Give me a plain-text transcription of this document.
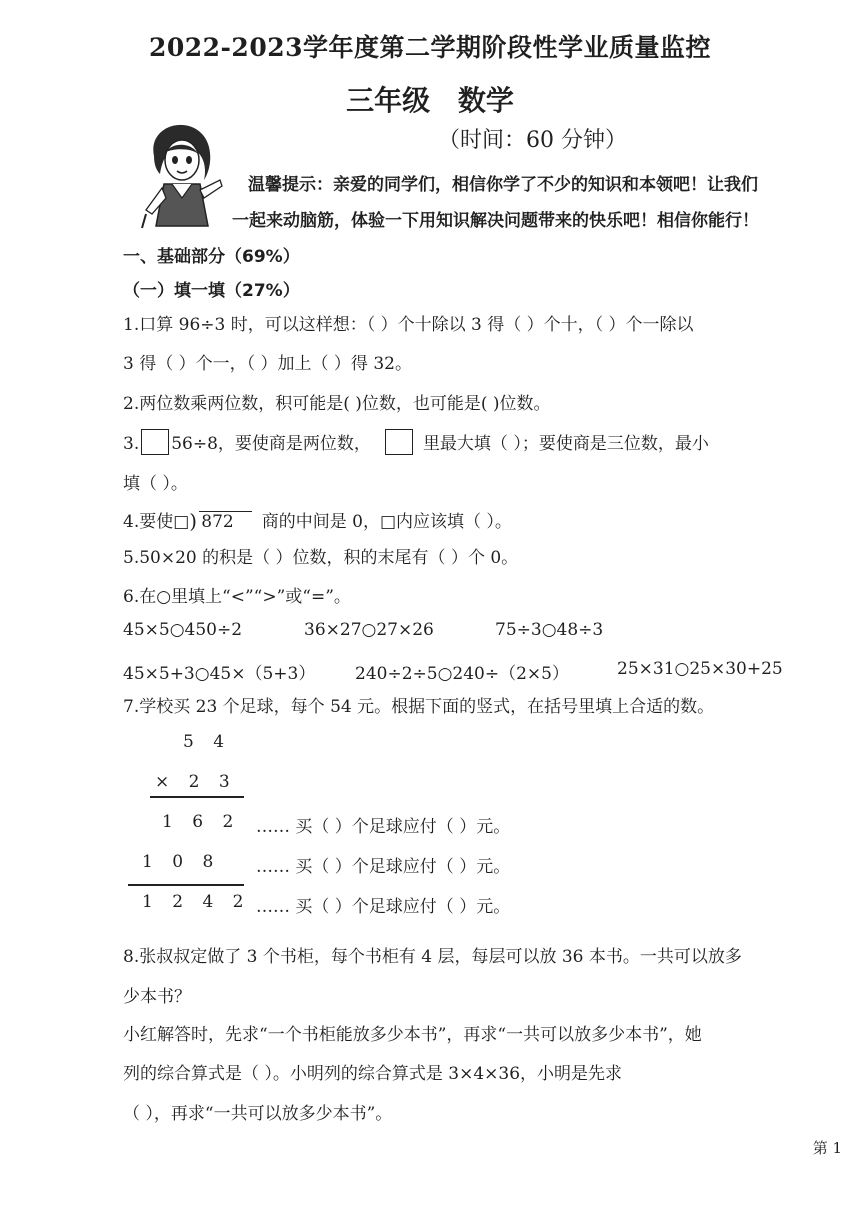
2022-2023学年度第二学期阶段性学业质量监控
三年级 数学
（时间：60 分钟）
温馨提示：亲爱的同学们，相信你学了不少的知识和本领吧！让我们
一起来动脑筋，体验一下用知识解决问题带来的快乐吧！相信你能行！
一、基础部分（69%）
（一）填一填（27%）
1.口算 96÷3 时，可以这样想：（ ）个十除以 3 得（ ）个十，（ ）个一除以
3 得（ ）个一，（ ）加上（ ）得 32。
2.两位数乘两位数，积可能是( )位数，也可能是( )位数。
3. 56÷8，要使商是两位数，	里最大填（ ）；要使商是三位数，最小
填（ ）。
4.要使□ ) 872 商的中间是 0，□内应该填（ ）。
5.50×20 的积是（ ）位数，积的末尾有（ ）个 0。
6.在○里填上“<”“>”或“=”。
45×5○450÷2	36×27○27×26	75÷3○48÷3
45×5+3○45×（5+3） 240÷2÷5○240÷（2×5）	25×31○25×30+25
7.学校买 23 个足球，每个 54 元。根据下面的竖式，在括号里填上合适的数。
5 4
× 2 3
1 6 2 …… 买（ ）个足球应付（ ）元。
1 0 8 …… 买（ ）个足球应付（ ）元。
1 2 4 2 …… 买（ ）个足球应付（ ）元。
8.张叔叔定做了 3 个书柜，每个书柜有 4 层，每层可以放 36 本书。一共可以放多
少本书？
小红解答时，先求“一个书柜能放多少本书”，再求“一共可以放多少本书”，她
列的综合算式是（ ）。小明列的综合算式是 3×4×36，小明是先求
（ ），再求“一共可以放多少本书”。
第 1
